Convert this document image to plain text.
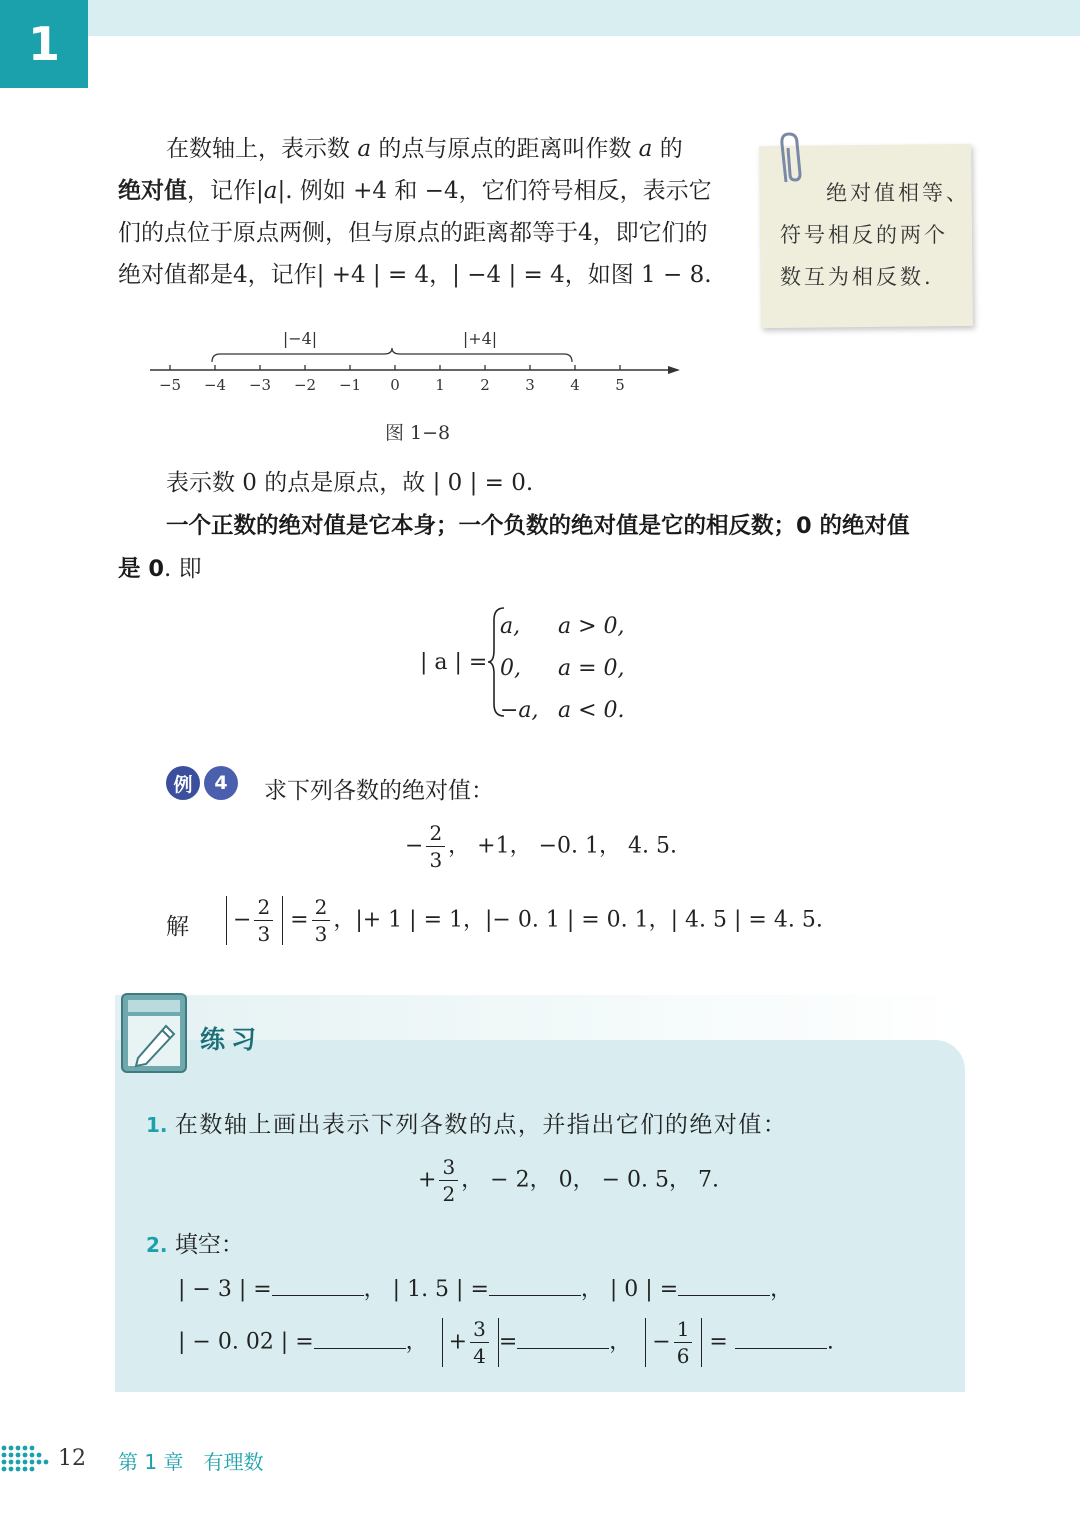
1
在数轴上，表示数 a 的点与原点的距离叫作数 a 的
绝对值，记作|a|. 例如 +4 和 −4，它们符号相反，表示它
们的点位于原点两侧，但与原点的距离都等于4，即它们的
绝对值都是4，记作| +4 | = 4，| −4 | = 4，如图 1 − 8.
绝对值相等、
符号相反的两个
数互为相反数.
|−4|	|+4|
−5 −4 −3 −2 −1 0 1 2 3 4 5
图 1−8
表示数 0 的点是原点，故 | 0 | = 0.
一个正数的绝对值是它本身；一个负数的绝对值是它的相反数；0 的绝对值
是 0. 即
| a | =
a,	a > 0,
0,	a = 0,
−a, a < 0.
例	4	求下列各数的绝对值：
− $\frac{2}{3}$ ， +1， −0. 1， 4. 5.
解	− $\frac{2}{3} = \frac{2}{3}$ ，|+ 1 | = 1，|− 0. 1 | = 0. 1，| 4. 5 | = 4. 5.
练习
1. 在数轴上画出表示下列各数的点，并指出它们的绝对值：
+ $\frac{3}{2}$ ， − 2， 0， − 0. 5， 7.
2. 填空：
| − 3 | =	， | 1. 5 | =	， | 0 | =	，
| − 0. 02 | =	，  + $\frac{3}{4}$ =	，  − $\frac{1}{6}$ =	.
12 第 1 章　有理数
